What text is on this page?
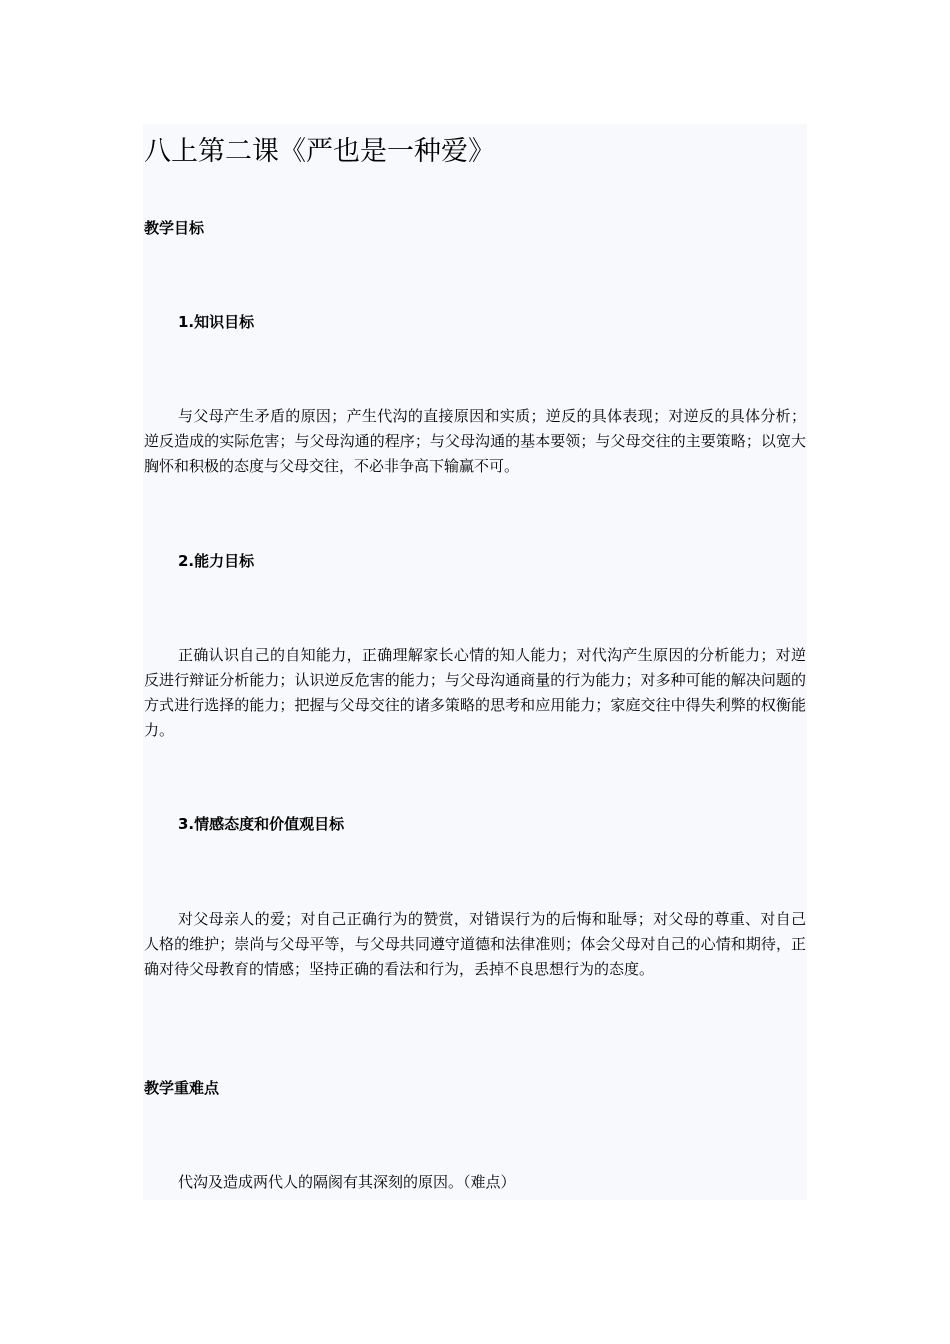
八上第二课《严也是一种爱》
教学目标
1.知识目标

与父母产生矛盾的原因；产生代沟的直接原因和实质；逆反的具体表现；对逆反的具体分析；逆反造成的实际危害；与父母沟通的程序；与父母沟通的基本要领；与父母交往的主要策略；以宽大胸怀和积极的态度与父母交往，不必非争高下输赢不可。

2.能力目标

正确认识自己的自知能力，正确理解家长心情的知人能力；对代沟产生原因的分析能力；对逆反进行辩证分析能力；认识逆反危害的能力；与父母沟通商量的行为能力；对多种可能的解决问题的方式进行选择的能力；把握与父母交往的诸多策略的思考和应用能力；家庭交往中得失利弊的权衡能力。

3.情感态度和价值观目标

对父母亲人的爱；对自己正确行为的赞赏，对错误行为的后悔和耻辱；对父母的尊重、对自己人格的维护；崇尚与父母平等，与父母共同遵守道德和法律准则；体会父母对自己的心情和期待，正确对待父母教育的情感；坚持正确的看法和行为，丢掉不良思想行为的态度。

教学重难点

代沟及造成两代人的隔阂有其深刻的原因。（难点）
